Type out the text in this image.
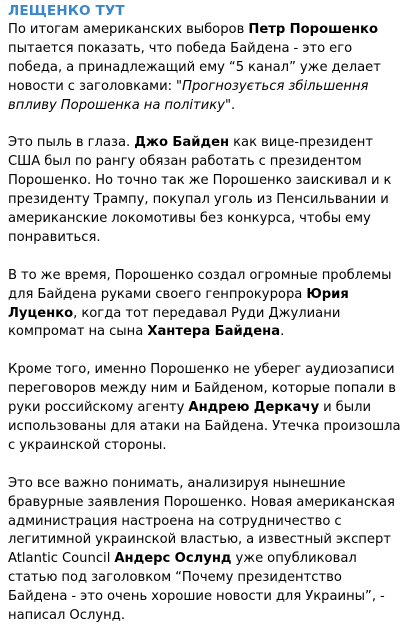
ЛЕЩЕНКО ТУТ

По итогам американских выборов Петр Порошенко пытается показать, что победа Байдена - это его победа, а принадлежащий ему “5 канал” уже делает новости с заголовками: "Прогнозується збільшення впливу Порошенка на політику".

Это пыль в глаза. Джо Байден как вице-президент США был по рангу обязан работать с президентом Порошенко. Но точно так же Порошенко заискивал и к президенту Трампу, покупал уголь из Пенсильвании и американские локомотивы без конкурса, чтобы ему понравиться.

В то же время, Порошенко создал огромные проблемы для Байдена руками своего генпрокурора Юрия Луценко, когда тот передавал Руди Джулиани компромат на сына Хантера Байдена.

Кроме того, именно Порошенко не уберег аудиозаписи переговоров между ним и Байденом, которые попали в руки российскому агенту Андрею Деркачу и были использованы для атаки на Байдена. Утечка произошла с украинской стороны.

Это все важно понимать, анализируя нынешние бравурные заявления Порошенко. Новая американская администрация настроена на сотрудничество с легитимной украинской властью, а известный эксперт Atlantic Council Андерс Ослунд уже опубликовал статью под заголовком “Почему президентство Байдена - это очень хорошие новости для Украины”, - написал Ослунд.
